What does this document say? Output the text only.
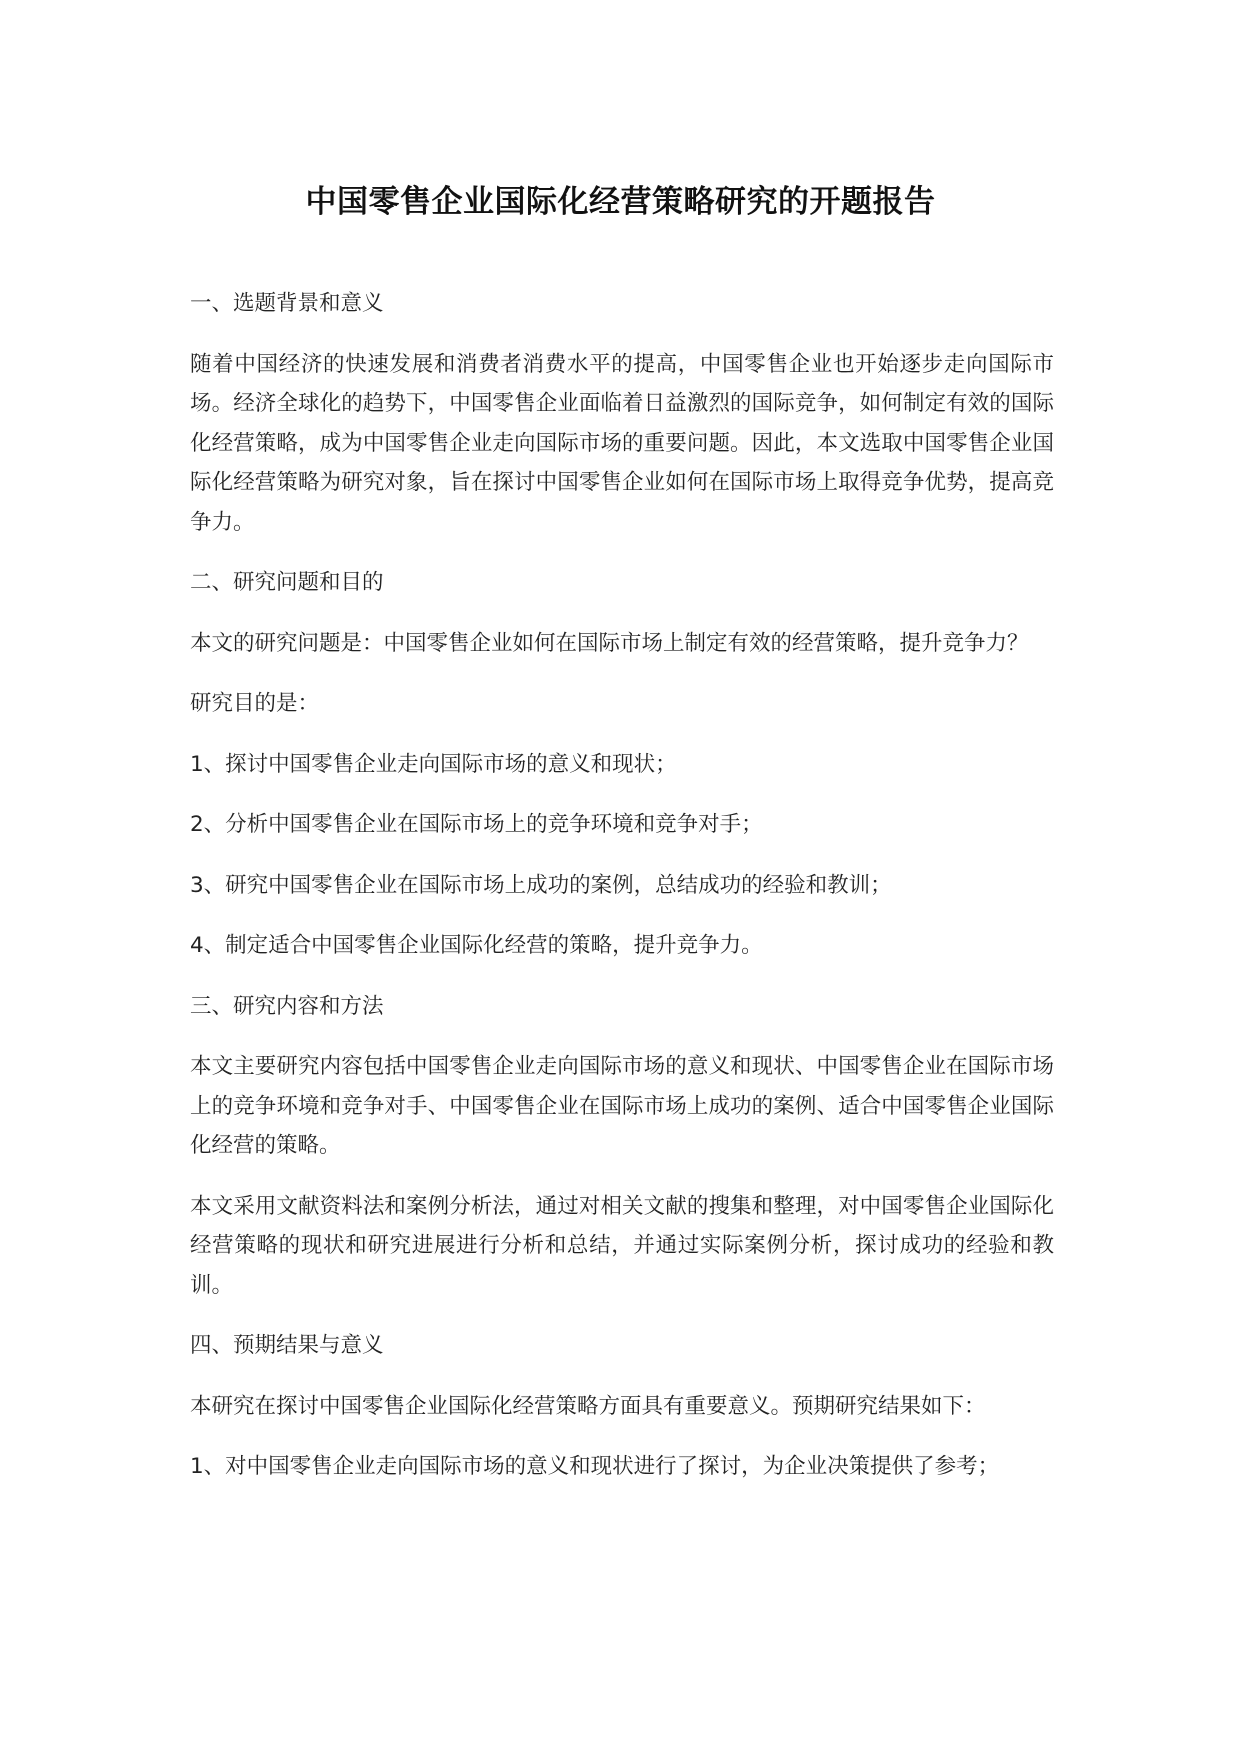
中国零售企业国际化经营策略研究的开题报告

一、选题背景和意义

随着中国经济的快速发展和消费者消费水平的提高，中国零售企业也开始逐步走向国际市场。经济全球化的趋势下，中国零售企业面临着日益激烈的国际竞争，如何制定有效的国际化经营策略，成为中国零售企业走向国际市场的重要问题。因此，本文选取中国零售企业国际化经营策略为研究对象，旨在探讨中国零售企业如何在国际市场上取得竞争优势，提高竞争力。

二、研究问题和目的

本文的研究问题是：中国零售企业如何在国际市场上制定有效的经营策略，提升竞争力？

研究目的是：

1、探讨中国零售企业走向国际市场的意义和现状；

2、分析中国零售企业在国际市场上的竞争环境和竞争对手；

3、研究中国零售企业在国际市场上成功的案例，总结成功的经验和教训；

4、制定适合中国零售企业国际化经营的策略，提升竞争力。

三、研究内容和方法

本文主要研究内容包括中国零售企业走向国际市场的意义和现状、中国零售企业在国际市场上的竞争环境和竞争对手、中国零售企业在国际市场上成功的案例、适合中国零售企业国际化经营的策略。

本文采用文献资料法和案例分析法，通过对相关文献的搜集和整理，对中国零售企业国际化经营策略的现状和研究进展进行分析和总结，并通过实际案例分析，探讨成功的经验和教训。

四、预期结果与意义

本研究在探讨中国零售企业国际化经营策略方面具有重要意义。预期研究结果如下：

1、对中国零售企业走向国际市场的意义和现状进行了探讨，为企业决策提供了参考；
